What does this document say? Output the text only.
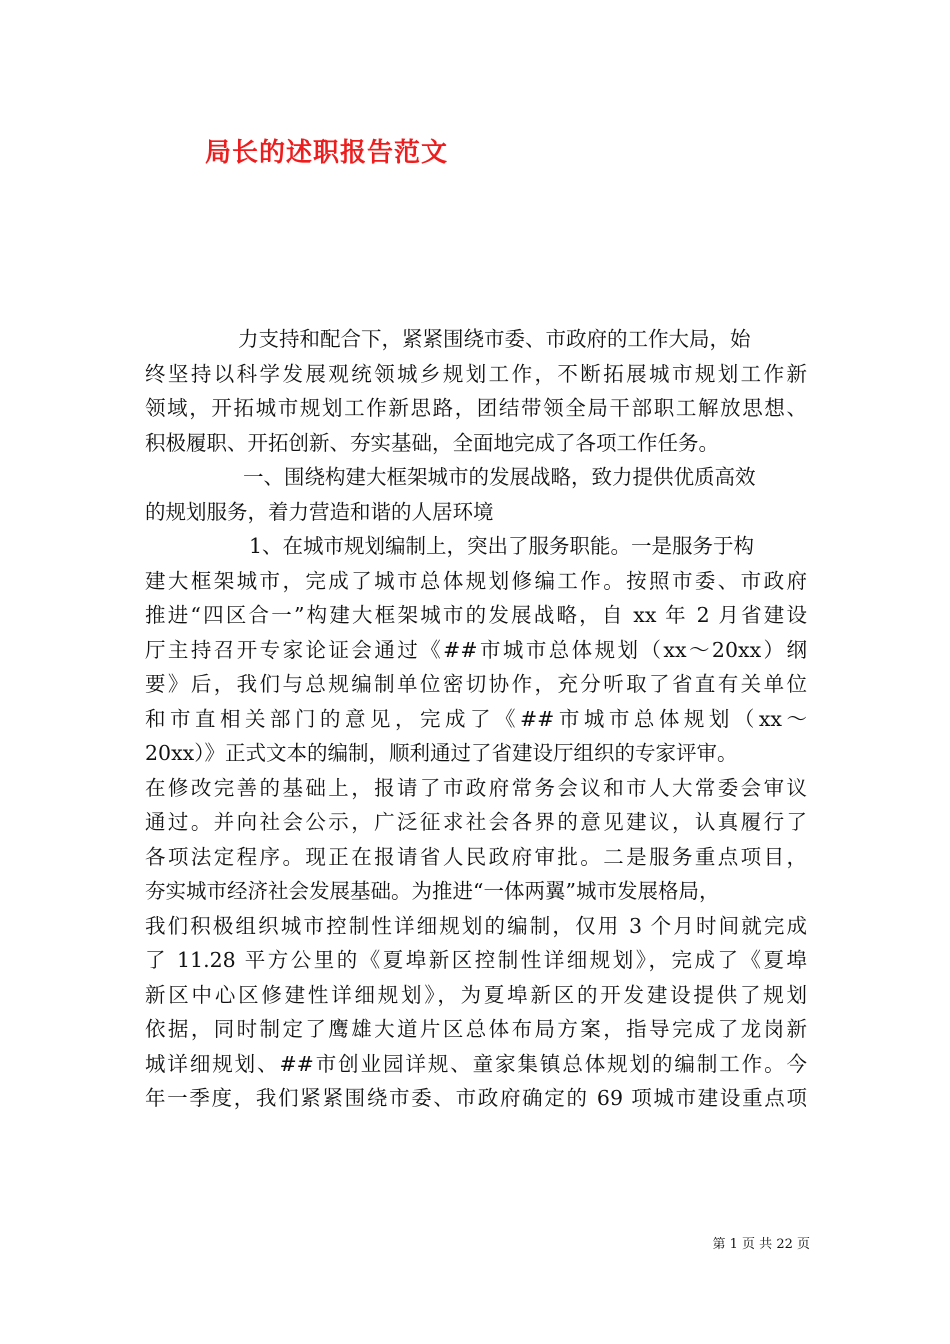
局长的述职报告范文
力支持和配合下，紧紧围绕市委、市政府的工作大局，始
终坚持以科学发展观统领城乡规划工作，不断拓展城市规划工作新
领域，开拓城市规划工作新思路，团结带领全局干部职工解放思想、
积极履职、开拓创新、夯实基础，全面地完成了各项工作任务。
一、围绕构建大框架城市的发展战略，致力提供优质高效
的规划服务，着力营造和谐的人居环境
1、在城市规划编制上，突出了服务职能。一是服务于构
建大框架城市，完成了城市总体规划修编工作。按照市委、市政府
推进“四区合一”构建大框架城市的发展战略，自 xx 年 2 月省建设
厅主持召开专家论证会通过《##市城市总体规划（xx～20xx）纲
要》后，我们与总规编制单位密切协作，充分听取了省直有关单位
和市直相关部门的意见，完成了《##市城市总体规划（xx～
20xx）》正式文本的编制，顺利通过了省建设厅组织的专家评审。
在修改完善的基础上，报请了市政府常务会议和市人大常委会审议
通过。并向社会公示，广泛征求社会各界的意见建议，认真履行了
各项法定程序。现正在报请省人民政府审批。二是服务重点项目，
夯实城市经济社会发展基础。为推进“一体两翼”城市发展格局，
我们积极组织城市控制性详细规划的编制，仅用 3 个月时间就完成
了 11.28 平方公里的《夏埠新区控制性详细规划》，完成了《夏埠
新区中心区修建性详细规划》，为夏埠新区的开发建设提供了规划
依据，同时制定了鹰雄大道片区总体布局方案，指导完成了龙岗新
城详细规划、##市创业园详规、童家集镇总体规划的编制工作。今
年一季度，我们紧紧围绕市委、市政府确定的 69 项城市建设重点项
第 1 页 共 22 页
